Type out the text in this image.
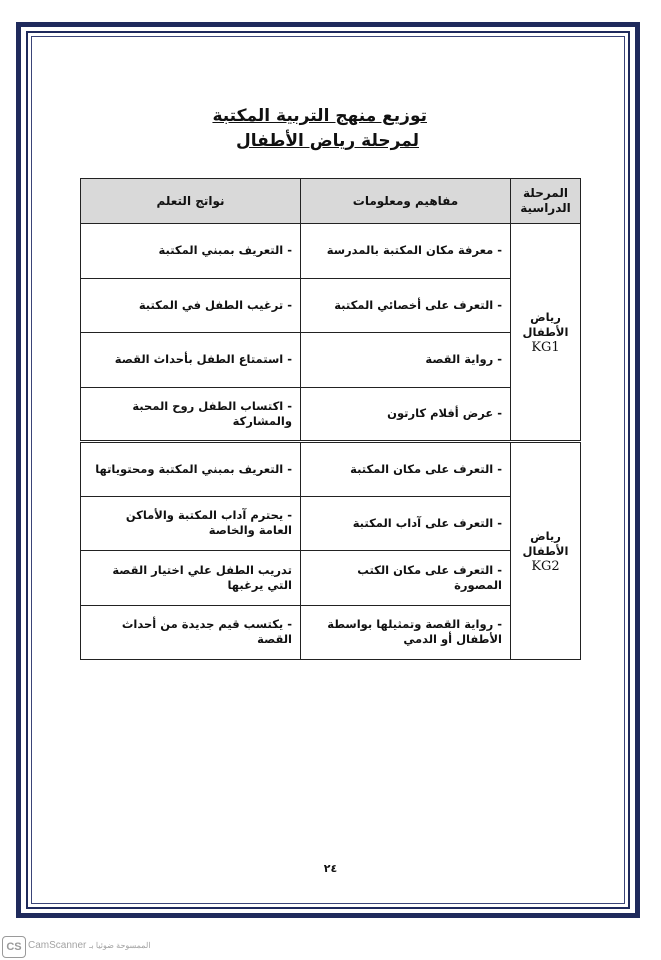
توزيع منهج التربية المكتبة
لمرحلة رياض الأطفال
المرحلة الدراسية	مفاهيم ومعلومات	نواتج التعلم

رياض الأطفال
KG1	- معرفة مكان المكتبة بالمدرسة	- التعريف بمبني المكتبة
	- التعرف على أخصائي المكتبة	- ترغيب الطفل في المكتبة
	- رواية القصة	- استمتاع الطفل بأحداث القصة
	- عرض أفلام كارتون	- اكتساب الطفل روح المحبة والمشاركة

رياض الأطفال
KG2	- التعرف على مكان المكتبة	- التعريف بمبني المكتبة ومحتوياتها
	- التعرف على آداب المكتبة	- يحترم آداب المكتبة والأماكن العامة والخاصة
	- التعرف على مكان الكتب المصورة	تدريب الطفل علي اختيار القصة التي يرغبها
	- رواية القصة وتمثيلها بواسطة الأطفال أو الدمي	- يكتسب قيم جديدة من أحداث القصة
٢٤
CS CamScanner الممسوحة ضوئيا بـ
